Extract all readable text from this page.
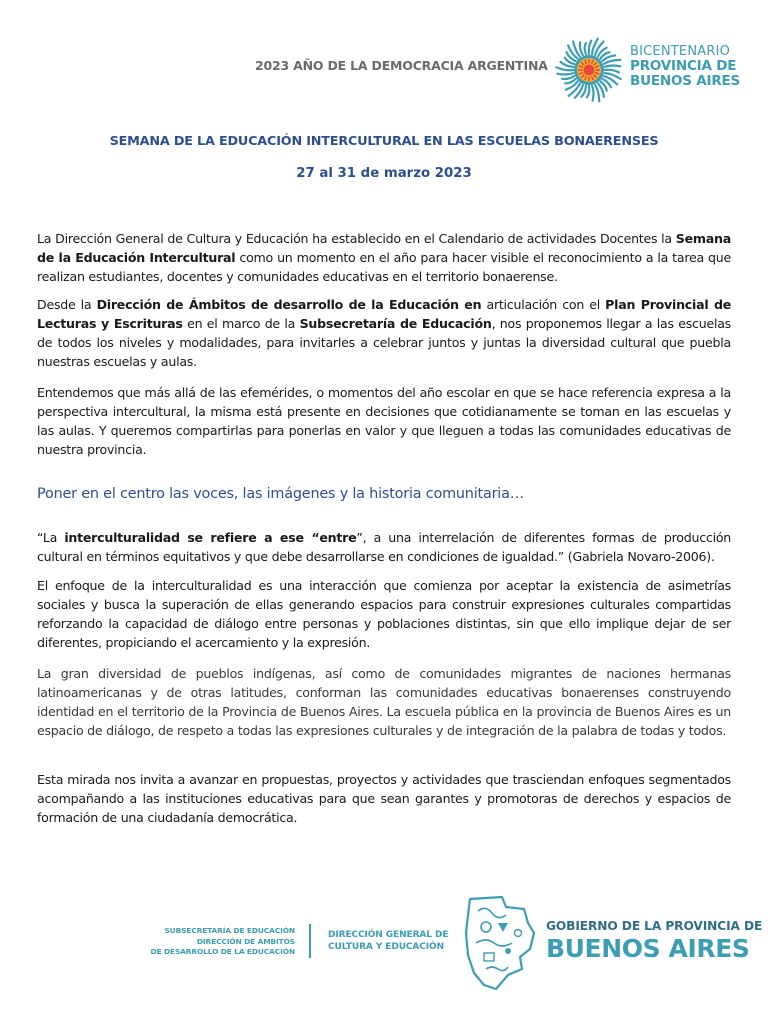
2023 AÑO DE LA DEMOCRACIA ARGENTINA
BICENTENARIO
PROVINCIA DE
BUENOS AIRES
SEMANA DE LA EDUCACIÓN INTERCULTURAL EN LAS ESCUELAS BONAERENSES
27 al 31 de marzo 2023

La Dirección General de Cultura y Educación ha establecido en el Calendario de actividades Docentes la Semana de la Educación Intercultural como un momento en el año para hacer visible el reconocimiento a la tarea que realizan estudiantes, docentes y comunidades educativas en el territorio bonaerense.

Desde la Dirección de Ámbitos de desarrollo de la Educación en articulación con el Plan Provincial de Lecturas y Escrituras en el marco de la Subsecretaría de Educación, nos proponemos llegar a las escuelas de todos los niveles y modalidades, para invitarles a celebrar juntos y juntas la diversidad cultural que puebla nuestras escuelas y aulas.

Entendemos que más allá de las efemérides, o momentos del año escolar en que se hace referencia expresa a la perspectiva intercultural, la misma está presente en decisiones que cotidianamente se toman en las escuelas y las aulas. Y queremos compartirlas para ponerlas en valor y que lleguen a todas las comunidades educativas de nuestra provincia.

Poner en el centro las voces, las imágenes y la historia comunitaria…

“La interculturalidad se refiere a ese “entre”, a una interrelación de diferentes formas de producción cultural en términos equitativos y que debe desarrollarse en condiciones de igualdad.” (Gabriela Novaro-2006).

El enfoque de la interculturalidad es una interacción que comienza por aceptar la existencia de asimetrías sociales y busca la superación de ellas generando espacios para construir expresiones culturales compartidas reforzando la capacidad de diálogo entre personas y poblaciones distintas, sin que ello implique dejar de ser diferentes, propiciando el acercamiento y la expresión.

La gran diversidad de pueblos indígenas, así como de comunidades migrantes de naciones hermanas latinoamericanas y de otras latitudes, conforman las comunidades educativas bonaerenses construyendo identidad en el territorio de la Provincia de Buenos Aires. La escuela pública en la provincia de Buenos Aires es un espacio de diálogo, de respeto a todas las expresiones culturales y de integración de la palabra de todas y todos.

Esta mirada nos invita a avanzar en propuestas, proyectos y actividades que trasciendan enfoques segmentados acompañando a las instituciones educativas para que sean garantes y promotoras de derechos y espacios de formación de una ciudadanía democrática.

SUBSECRETARÍA DE EDUCACIÓN
DIRECCIÓN DE ÁMBITOS
DE DESARROLLO DE LA EDUCACIÓN
DIRECCIÓN GENERAL DE
CULTURA Y EDUCACIÓN
GOBIERNO DE LA PROVINCIA DE
BUENOS AIRES
